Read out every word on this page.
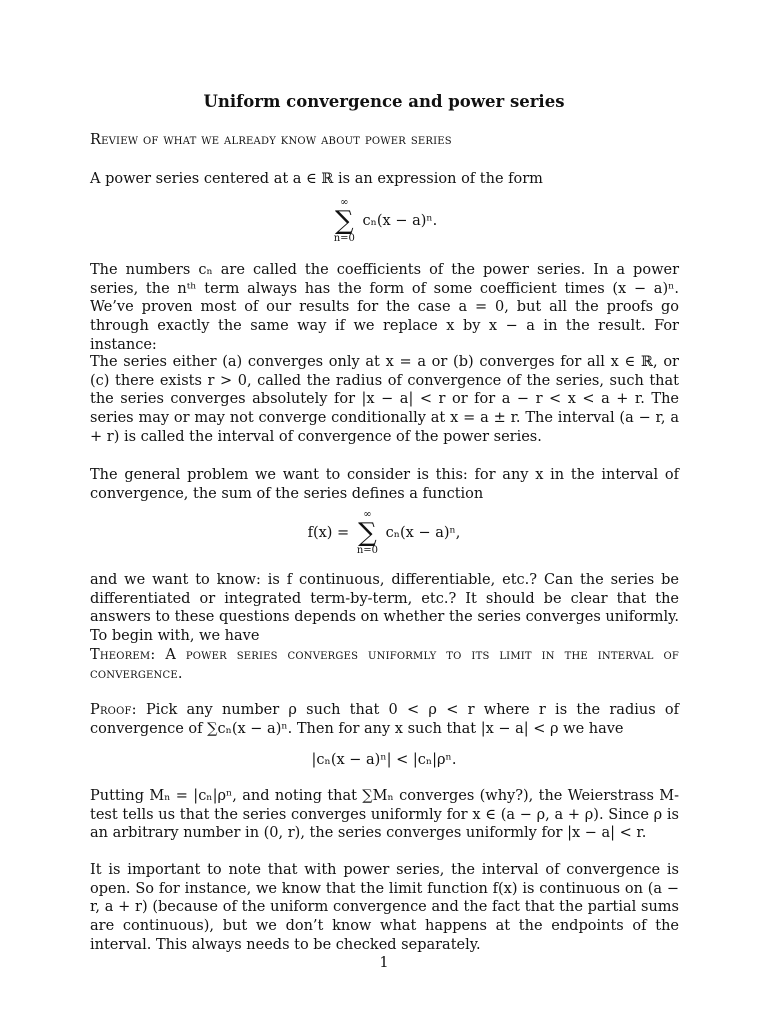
Uniform convergence and power series
Review of what we already know about power series
A power series centered at a ∈ ℝ is an expression of the form
∞
∑
n=0
cₙ(x − a)ⁿ.
The numbers cₙ are called the coefficients of the power series. In a power series, the nᵗʰ term always has the form of some coefficient times (x − a)ⁿ. We’ve proven most of our results for the case a = 0, but all the proofs go through exactly the same way if we replace x by x − a in the result. For instance:
The series either (a) converges only at x = a or (b) converges for all x ∈ ℝ, or (c) there exists r > 0, called the radius of convergence of the series, such that the series converges absolutely for |x − a| < r or for a − r < x < a + r. The series may or may not converge conditionally at x = a ± r. The interval (a − r, a + r) is called the interval of convergence of the power series.
The general problem we want to consider is this: for any x in the interval of convergence, the sum of the series defines a function
f(x) =
∞
∑
n=0
cₙ(x − a)ⁿ,
and we want to know: is f continuous, differentiable, etc.? Can the series be differentiated or integrated term-by-term, etc.? It should be clear that the answers to these questions depends on whether the series converges uniformly. To begin with, we have
Theorem: A power series converges uniformly to its limit in the interval of convergence.
Proof: Pick any number ρ such that 0 < ρ < r where r is the radius of convergence of ∑cₙ(x − a)ⁿ. Then for any x such that |x − a| < ρ we have
|cₙ(x − a)ⁿ| < |cₙ|ρⁿ.
Putting Mₙ = |cₙ|ρⁿ, and noting that ∑Mₙ converges (why?), the Weierstrass M-test tells us that the series converges uniformly for x ∈ (a − ρ, a + ρ). Since ρ is an arbitrary number in (0, r), the series converges uniformly for |x − a| < r.
It is important to note that with power series, the interval of convergence is open. So for instance, we know that the limit function f(x) is continuous on (a − r, a + r) (because of the uniform convergence and the fact that the partial sums are continuous), but we don’t know what happens at the endpoints of the interval. This always needs to be checked separately.
1
